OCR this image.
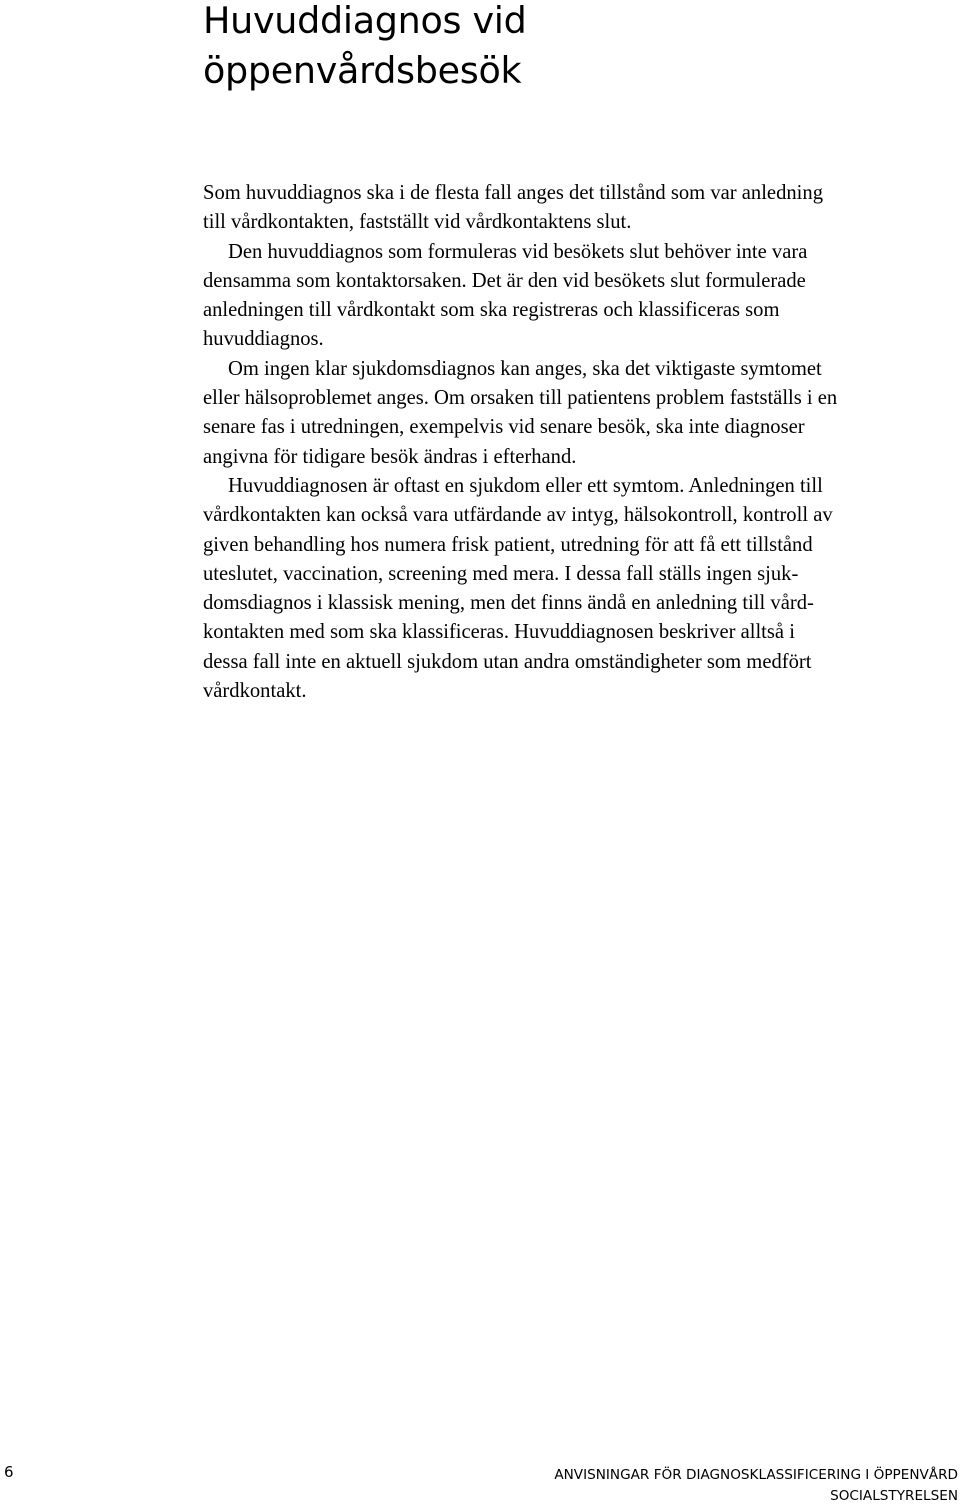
Huvuddiagnos vid
öppenvårdsbesök
Som huvuddiagnos ska i de flesta fall anges det tillstånd som var anledning
till vårdkontakten, fastställt vid vårdkontaktens slut.
Den huvuddiagnos som formuleras vid besökets slut behöver inte vara
densamma som kontaktorsaken. Det är den vid besökets slut formulerade
anledningen till vårdkontakt som ska registreras och klassificeras som
huvuddiagnos.
Om ingen klar sjukdomsdiagnos kan anges, ska det viktigaste symtomet
eller hälsoproblemet anges. Om orsaken till patientens problem fastställs i en
senare fas i utredningen, exempelvis vid senare besök, ska inte diagnoser
angivna för tidigare besök ändras i efterhand.
Huvuddiagnosen är oftast en sjukdom eller ett symtom. Anledningen till
vårdkontakten kan också vara utfärdande av intyg, hälsokontroll, kontroll av
given behandling hos numera frisk patient, utredning för att få ett tillstånd
uteslutet, vaccination, screening med mera. I dessa fall ställs ingen sjuk-
domsdiagnos i klassisk mening, men det finns ändå en anledning till vård-
kontakten med som ska klassificeras. Huvuddiagnosen beskriver alltså i
dessa fall inte en aktuell sjukdom utan andra omständigheter som medfört
vårdkontakt.
6	ANVISNINGAR FÖR DIAGNOSKLASSIFICERING I ÖPPENVÅRD
SOCIALSTYRELSEN
